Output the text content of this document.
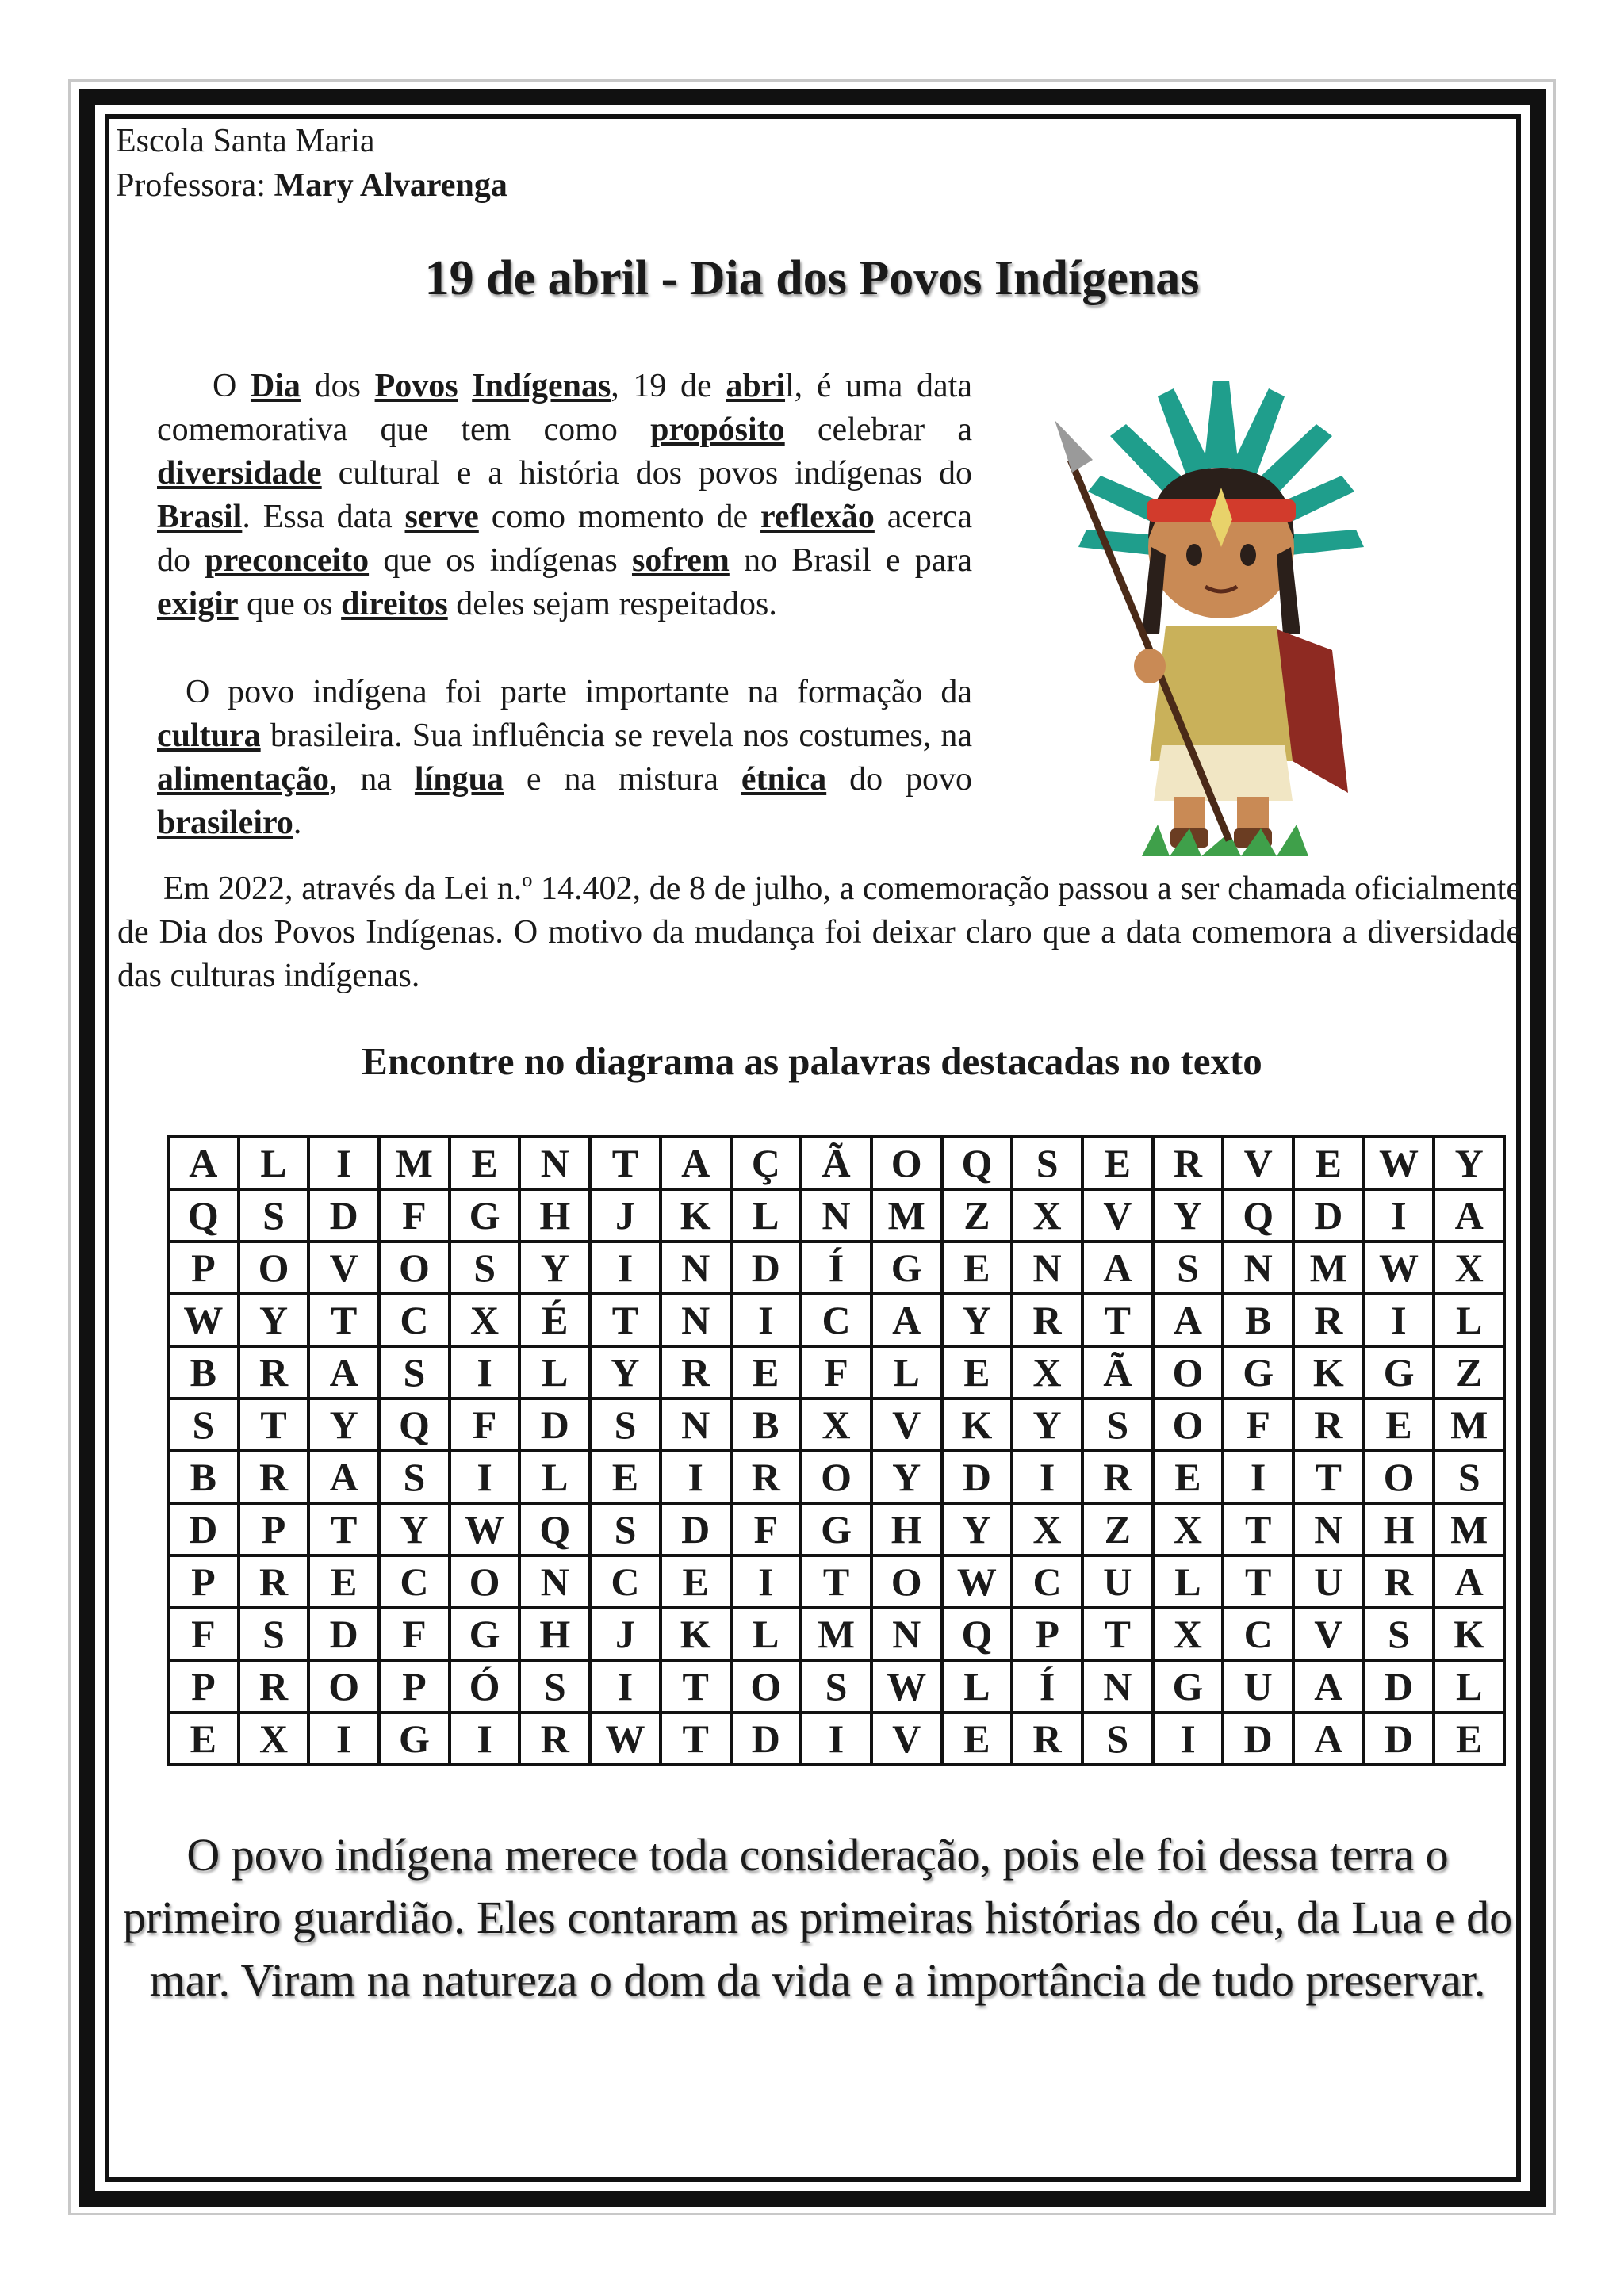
Escola Santa Maria
Professora: Mary Alvarenga
19 de abril - Dia dos Povos Indígenas
O Dia dos Povos Indígenas, 19 de abril, é uma data comemorativa que tem como propósito celebrar a diversidade cultural e a história dos povos indígenas do Brasil. Essa data serve como momento de reflexão acerca do preconceito que os indígenas sofrem no Brasil e para exigir que os direitos deles sejam respeitados.
O povo indígena foi parte importante na formação da cultura brasileira. Sua influência se revela nos costumes, na alimentação, na língua e na mistura étnica do povo brasileiro.
Em 2022, através da Lei n.º 14.402, de 8 de julho, a comemoração passou a ser chamada oficialmente de Dia dos Povos Indígenas. O motivo da mudança foi deixar claro que a data comemora a diversidade das culturas indígenas.
Encontre no diagrama as palavras destacadas no texto
A	L	I	M	E	N	T	A	Ç	Ã	O	Q	S	E	R	V	E	W	Y
Q	S	D	F	G	H	J	K	L	N	M	Z	X	V	Y	Q	D	I	A
P	O	V	O	S	Y	I	N	D	Í	G	E	N	A	S	N	M	W	X
W	Y	T	C	X	É	T	N	I	C	A	Y	R	T	A	B	R	I	L
B	R	A	S	I	L	Y	R	E	F	L	E	X	Ã	O	G	K	G	Z
S	T	Y	Q	F	D	S	N	B	X	V	K	Y	S	O	F	R	E	M
B	R	A	S	I	L	E	I	R	O	Y	D	I	R	E	I	T	O	S
D	P	T	Y	W	Q	S	D	F	G	H	Y	X	Z	X	T	N	H	M
P	R	E	C	O	N	C	E	I	T	O	W	C	U	L	T	U	R	A
F	S	D	F	G	H	J	K	L	M	N	Q	P	T	X	C	V	S	K
P	R	O	P	Ó	S	I	T	O	S	W	L	Í	N	G	U	A	D	L
E	X	I	G	I	R	W	T	D	I	V	E	R	S	I	D	A	D	E
O povo indígena merece toda consideração, pois ele foi dessa terra o primeiro guardião. Eles contaram as primeiras histórias do céu, da Lua e do mar. Viram na natureza o dom da vida e a importância de tudo preservar.
